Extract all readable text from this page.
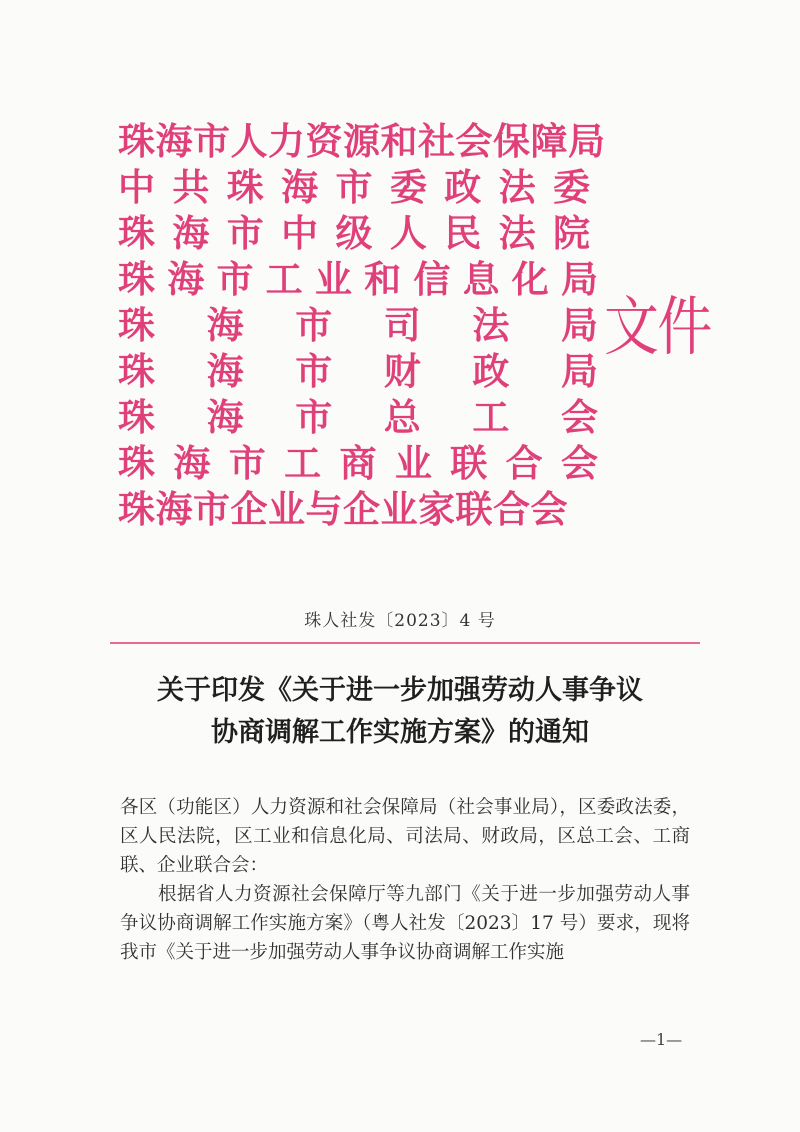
珠海市人力资源和社会保障局
中 共 珠 海 市 委 政 法 委
珠 海 市 中 级 人 民 法 院
珠 海 市 工 业 和 信 息 化 局
珠 海 市 司 法 局
珠 海 市 财 政 局
珠 海 市 总 工 会
珠 海 市 工 商 业 联 合 会
珠海市企业与企业家联合会
文件
珠人社发〔2023〕4 号
关于印发《关于进一步加强劳动人事争议
协商调解工作实施方案》的通知

各区（功能区）人力资源和社会保障局（社会事业局），区委政法委，区人民法院，区工业和信息化局、司法局、财政局，区总工会、工商联、企业联合会：

根据省人力资源社会保障厅等九部门《关于进一步加强劳动人事争议协商调解工作实施方案》（粤人社发〔2023〕17 号）要求，现将我市《关于进一步加强劳动人事争议协商调解工作实施

—1—
